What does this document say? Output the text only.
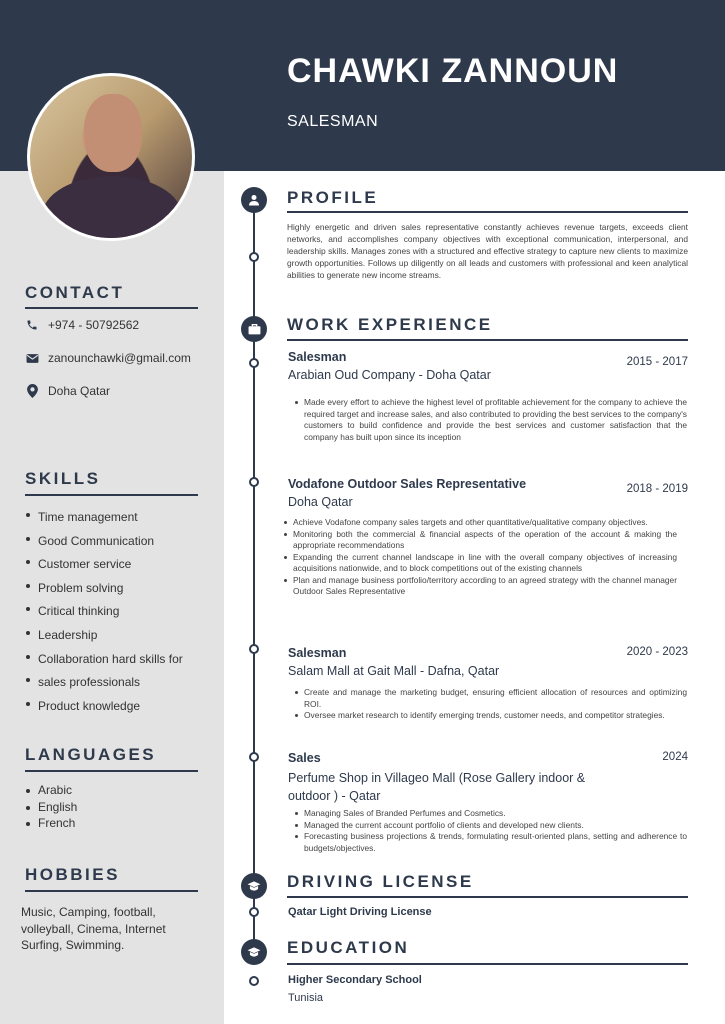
CHAWKI ZANNOUN
SALESMAN
CONTACT
+974 - 50792562
zanounchawki@gmail.com
Doha Qatar
SKILLS
Time management
Good Communication
Customer service
Problem solving
Critical thinking
Leadership
Collaboration hard skills for
sales professionals
Product knowledge
LANGUAGES
Arabic
English
French
HOBBIES
Music, Camping, football, volleyball, Cinema, Internet Surfing, Swimming.
PROFILE
Highly energetic and driven sales representative constantly achieves revenue targets, exceeds client networks, and accomplishes company objectives with exceptional communication, interpersonal, and leadership skills. Manages zones with a structured and effective strategy to capture new clients to maximize growth opportunities. Follows up diligently on all leads and customers with professional and keen analytical abilities to generate new income streams.
WORK EXPERIENCE
Salesman
Arabian Oud Company - Doha Qatar
2015 - 2017
Made every effort to achieve the highest level of profitable achievement for the company to achieve the required target and increase sales, and also contributed to providing the best services to the company's customers to build confidence and provide the best services and customer satisfaction that the company has built upon since its inception
Vodafone Outdoor Sales Representative
Doha Qatar
2018 - 2019
Achieve Vodafone company sales targets and other quantitative/qualitative company objectives.
Monitoring both the commercial & financial aspects of the operation of the account & making the appropriate recommendations
Expanding the current channel landscape in line with the overall company objectives of increasing acquisitions nationwide, and to block competitions out of the existing channels
Plan and manage business portfolio/territory according to an agreed strategy with the channel manager Outdoor Sales Representative
Salesman
Salam Mall at Gait Mall - Dafna, Qatar
2020 - 2023
Create and manage the marketing budget, ensuring efficient allocation of resources and optimizing ROI.
Oversee market research to identify emerging trends, customer needs, and competitor strategies.
Sales
Perfume Shop in Villageo Mall (Rose Gallery indoor & outdoor ) - Qatar
2024
Managing Sales of Branded Perfumes and Cosmetics.
Managed the current account portfolio of clients and developed new clients.
Forecasting business projections & trends, formulating result-oriented plans, setting and adherence to budgets/objectives.
DRIVING LICENSE
Qatar Light Driving License
EDUCATION
Higher Secondary School
Tunisia
